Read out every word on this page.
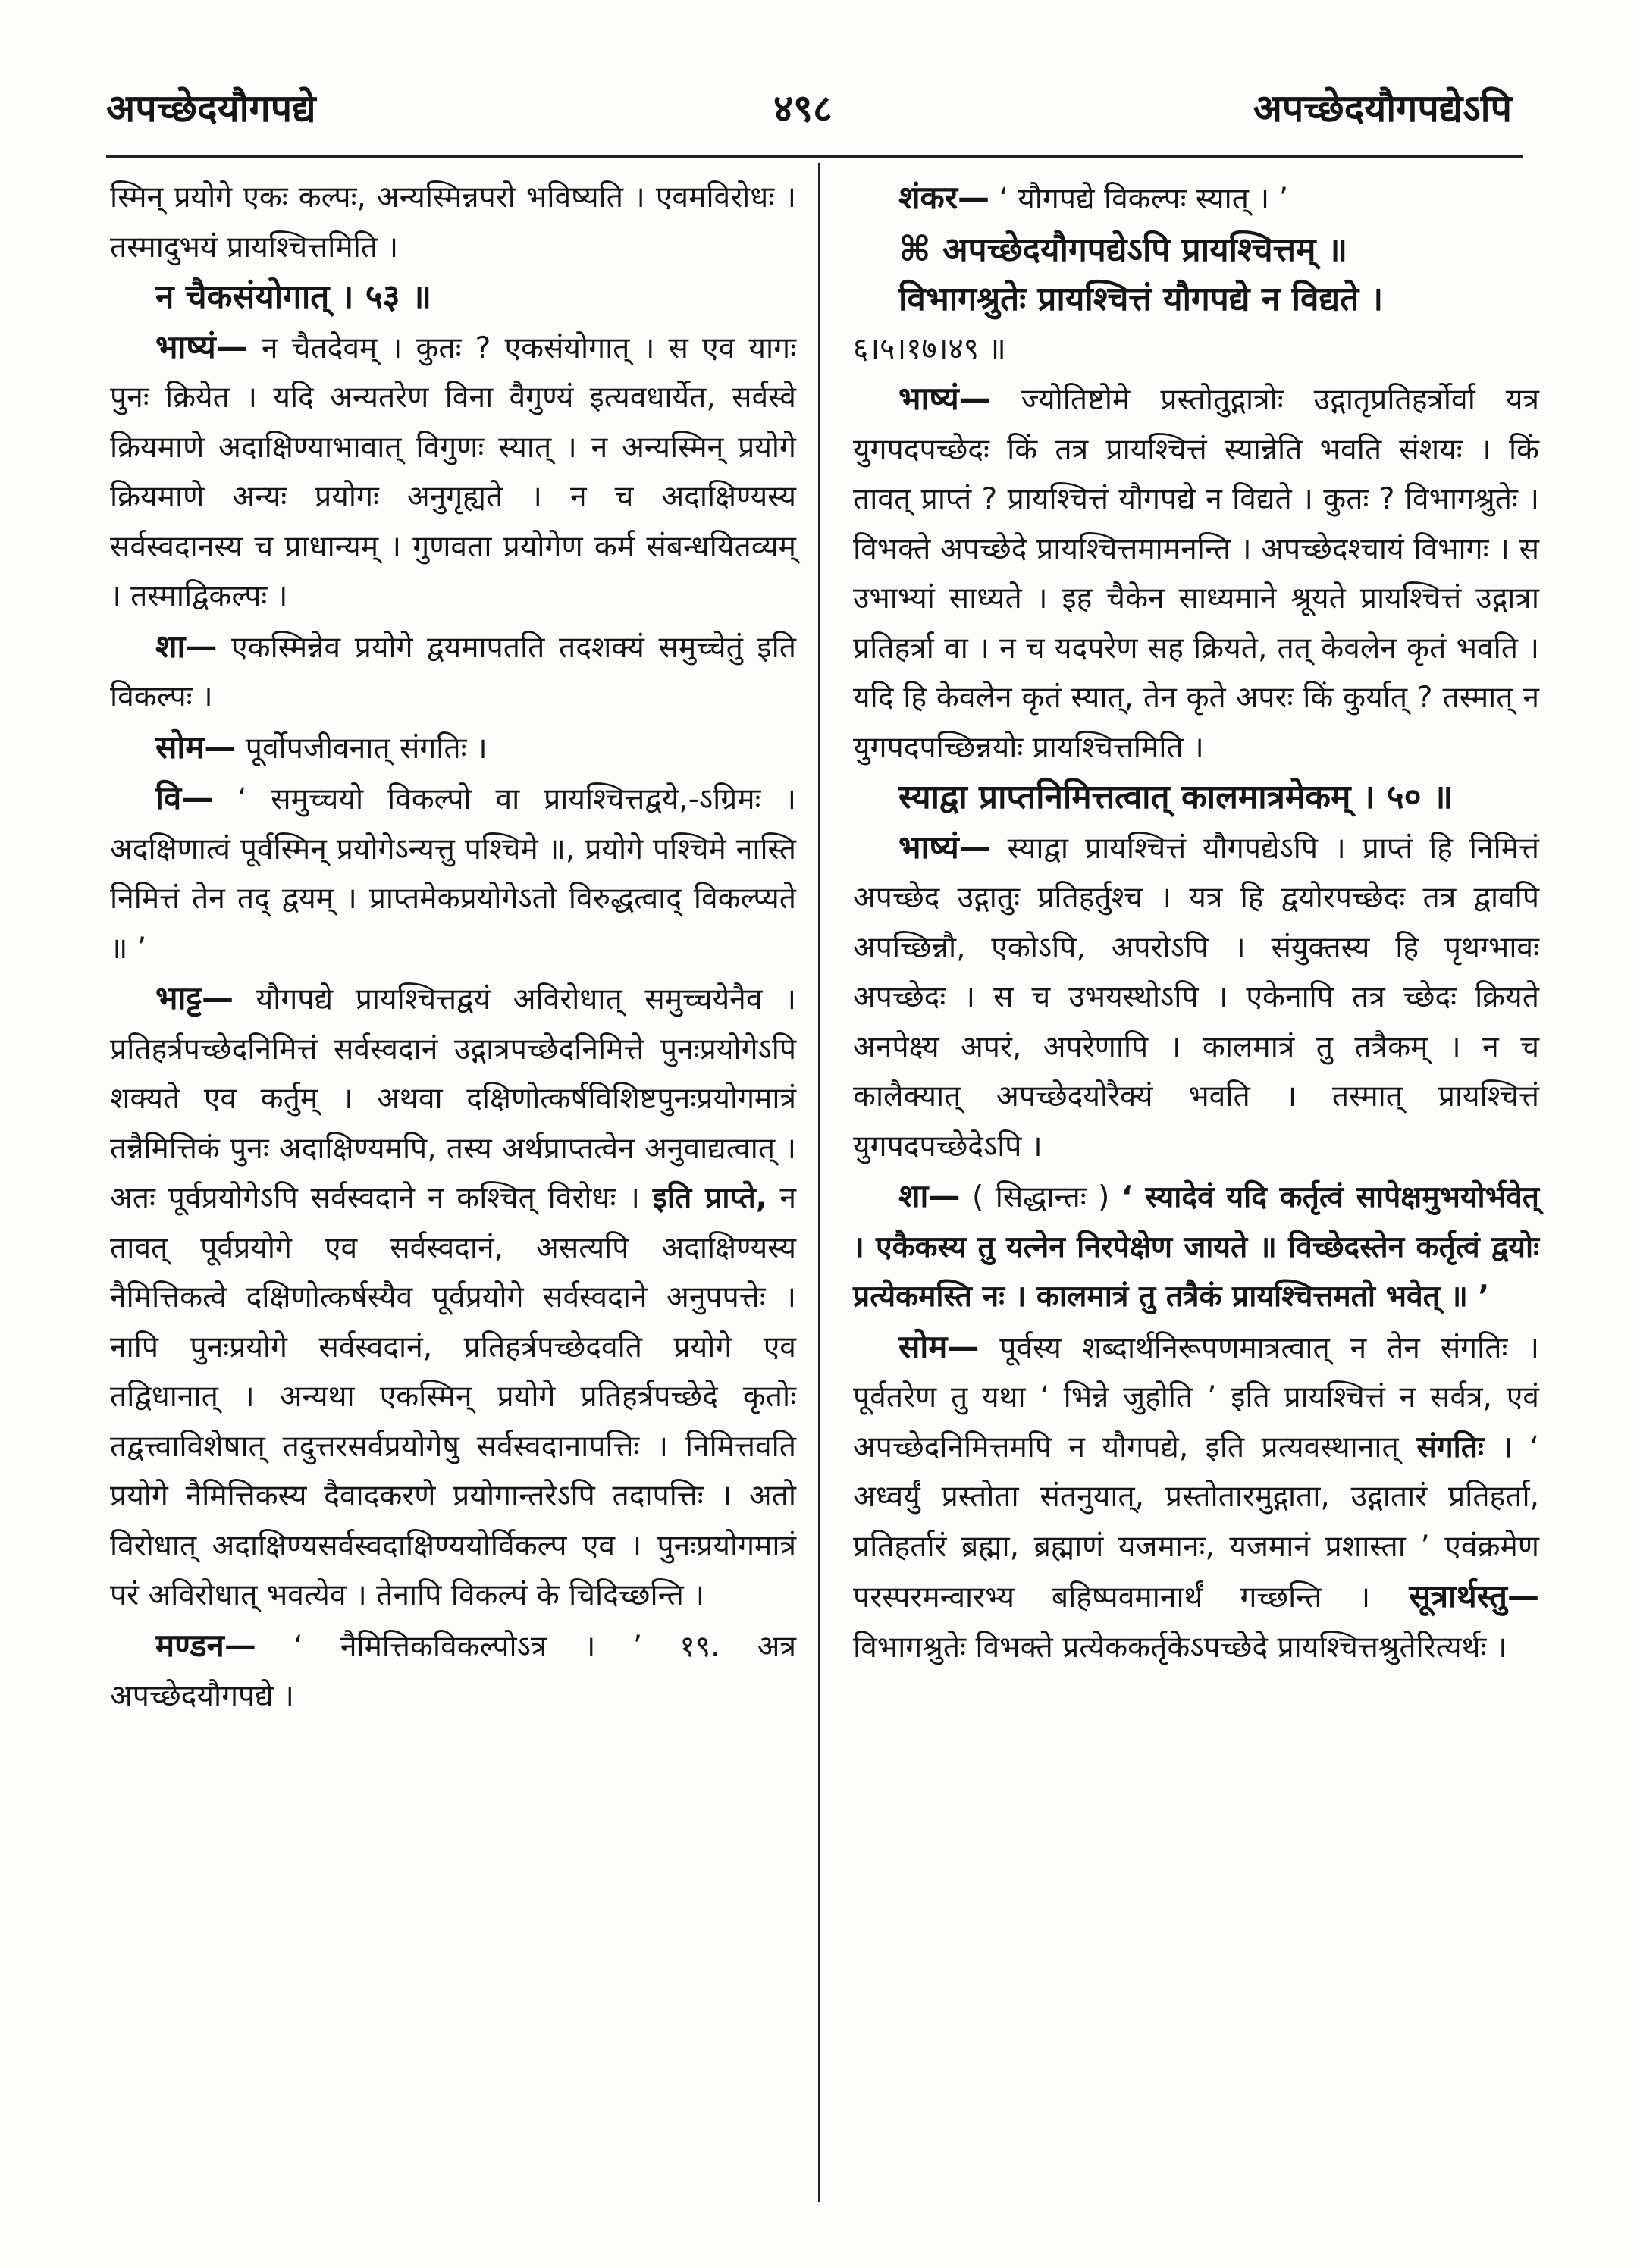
अपच्छेदयौगपद्ये	४९८	अपच्छेदयौगपद्येऽपि

स्मिन् प्रयोगे एकः कल्पः, अन्यस्मिन्नपरो भविष्यति । एवमविरोधः । तस्मादुभयं प्रायश्चित्तमिति ।

न चैकसंयोगात् । ५३ ॥

भाष्यं— न चैतदेवम् । कुतः ? एकसंयोगात् । स एव यागः पुनः क्रियेत । यदि अन्यतरेण विना वैगुण्यं इत्यवधार्येत, सर्वस्वे क्रियमाणे अदाक्षिण्याभावात् विगुणः स्यात् । न अन्यस्मिन् प्रयोगे क्रियमाणे अन्यः प्रयोगः अनुगृह्यते । न च अदाक्षिण्यस्य सर्वस्वदानस्य च प्राधान्यम् । गुणवता प्रयोगेण कर्म संबन्धयितव्यम् । तस्माद्विकल्पः ।

शा— एकस्मिन्नेव प्रयोगे द्वयमापतति तदशक्यं समुच्चेतुं इति विकल्पः ।

सोम— पूर्वोपजीवनात् संगतिः ।

वि— ‘ समुच्चयो विकल्पो वा प्रायश्चित्तद्वये,-ऽग्रिमः । अदक्षिणात्वं पूर्वस्मिन् प्रयोगेऽन्यत्तु पश्चिमे ॥, प्रयोगे पश्चिमे नास्ति निमित्तं तेन तद् द्वयम् । प्राप्तमेकप्रयोगेऽतो विरुद्धत्वाद् विकल्प्यते ॥ ’

भाट्ट— यौगपद्ये प्रायश्चित्तद्वयं अविरोधात् समुच्चयेनैव । प्रतिहर्त्रपच्छेदनिमित्तं सर्वस्वदानं उद्गात्रपच्छेदनिमित्ते पुनःप्रयोगेऽपि शक्यते एव कर्तुम् । अथवा दक्षिणोत्कर्षविशिष्टपुनःप्रयोगमात्रं तन्नैमित्तिकं पुनः अदाक्षिण्यमपि, तस्य अर्थप्राप्तत्वेन अनुवाद्यत्वात् । अतः पूर्वप्रयोगेऽपि सर्वस्वदाने न कश्चित् विरोधः । इति प्राप्ते, न तावत् पूर्वप्रयोगे एव सर्वस्वदानं, असत्यपि अदाक्षिण्यस्य नैमित्तिकत्वे दक्षिणोत्कर्षस्यैव पूर्वप्रयोगे सर्वस्वदाने अनुपपत्तेः । नापि पुनःप्रयोगे सर्वस्वदानं, प्रतिहर्त्रपच्छेदवति प्रयोगे एव तद्विधानात् । अन्यथा एकस्मिन् प्रयोगे प्रतिहर्त्रपच्छेदे कृतोः तद्वत्त्वाविशेषात् तदुत्तरसर्वप्रयोगेषु सर्वस्वदानापत्तिः । निमित्तवति प्रयोगे नैमित्तिकस्य दैवादकरणे प्रयोगान्तरेऽपि तदापत्तिः । अतो विरोधात् अदाक्षिण्यसर्वस्वदाक्षिण्ययोर्विकल्प एव । पुनःप्रयोगमात्रं परं अविरोधात् भवत्येव । तेनापि विकल्पं के चिदिच्छन्ति ।

मण्डन— ‘ नैमित्तिकविकल्पोऽत्र । ’ १९. अत्र अपच्छेदयौगपद्ये ।

शंकर— ‘ यौगपद्ये विकल्पः स्यात् । ’

⌘ अपच्छेदयौगपद्येऽपि प्रायश्चित्तम् ॥

विभागश्रुतेः प्रायश्चित्तं यौगपद्ये न विद्यते ।

६।५।१७।४९ ॥

भाष्यं— ज्योतिष्टोमे प्रस्तोतुद्गात्रोः उद्गातृप्रतिहर्त्रोर्वा यत्र युगपदपच्छेदः किं तत्र प्रायश्चित्तं स्यान्नेति भवति संशयः । किं तावत् प्राप्तं ? प्रायश्चित्तं यौगपद्ये न विद्यते । कुतः ? विभागश्रुतेः । विभक्ते अपच्छेदे प्रायश्चित्तमामनन्ति । अपच्छेदश्चायं विभागः । स उभाभ्यां साध्यते । इह चैकेन साध्यमाने श्रूयते प्रायश्चित्तं उद्गात्रा प्रतिहर्त्रा वा । न च यदपरेण सह क्रियते, तत् केवलेन कृतं भवति । यदि हि केवलेन कृतं स्यात्, तेन कृते अपरः किं कुर्यात् ? तस्मात् न युगपदपच्छिन्नयोः प्रायश्चित्तमिति ।

स्याद्वा प्राप्तनिमित्तत्वात् कालमात्रमेकम् । ५० ॥

भाष्यं— स्याद्वा प्रायश्चित्तं यौगपद्येऽपि । प्राप्तं हि निमित्तं अपच्छेद उद्गातुः प्रतिहर्तुश्च । यत्र हि द्वयोरपच्छेदः तत्र द्वावपि अपच्छिन्नौ, एकोऽपि, अपरोऽपि । संयुक्तस्य हि पृथग्भावः अपच्छेदः । स च उभयस्थोऽपि । एकेनापि तत्र च्छेदः क्रियते अनपेक्ष्य अपरं, अपरेणापि । कालमात्रं तु तत्रैकम् । न च कालैक्यात् अपच्छेदयोरैक्यं भवति । तस्मात् प्रायश्चित्तं युगपदपच्छेदेऽपि ।

शा— ( सिद्धान्तः ) ‘ स्यादेवं यदि कर्तृत्वं सापेक्षमुभयोर्भवेत् । एकैकस्य तु यत्नेन निरपेक्षेण जायते ॥ विच्छेदस्तेन कर्तृत्वं द्वयोः प्रत्येकमस्ति नः । कालमात्रं तु तत्रैकं प्रायश्चित्तमतो भवेत् ॥ ’

सोम— पूर्वस्य शब्दार्थनिरूपणमात्रत्वात् न तेन संगतिः । पूर्वतरेण तु यथा ‘ भिन्ने जुहोति ’ इति प्रायश्चित्तं न सर्वत्र, एवं अपच्छेदनिमित्तमपि न यौगपद्ये, इति प्रत्यवस्थानात् संगतिः । ‘ अध्वर्युं प्रस्तोता संतनुयात्, प्रस्तोतारमुद्गाता, उद्गातारं प्रतिहर्ता, प्रतिहर्तारं ब्रह्मा, ब्रह्माणं यजमानः, यजमानं प्रशास्ता ’ एवंक्रमेण परस्परमन्वारभ्य बहिष्पवमानार्थं गच्छन्ति । सूत्रार्थस्तु— विभागश्रुतेः विभक्ते प्रत्येककर्तृकेऽपच्छेदे प्रायश्चित्तश्रुतेरित्यर्थः ।
